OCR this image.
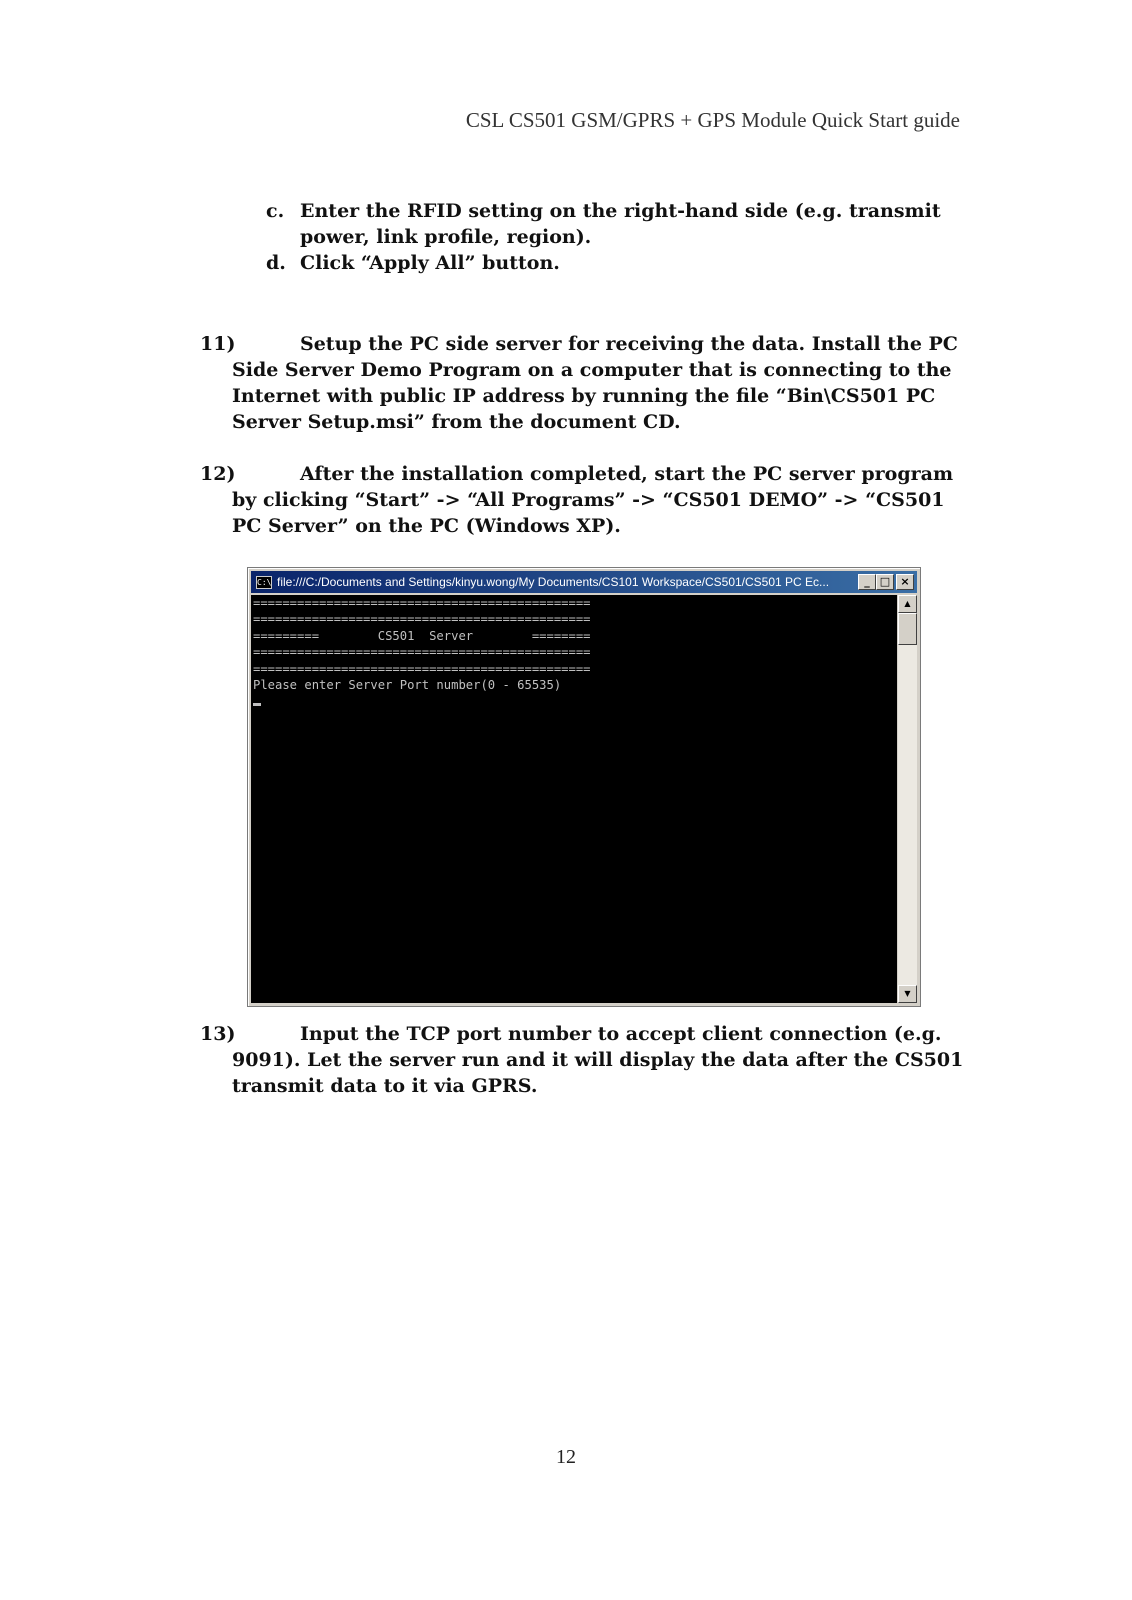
CSL CS501 GSM/GPRS + GPS Module Quick Start guide
c. Enter the RFID setting on the right-hand side (e.g. transmit power, link profile, region).
d. Click “Apply All” button.
11)	Setup the PC side server for receiving the data. Install the PC Side Server Demo Program on a computer that is connecting to the Internet with public IP address by running the file “Bin\CS501 PC Server Setup.msi” from the document CD.
12)	After the installation completed, start the PC server program by clicking “Start” -> “All Programs” -> “CS501 DEMO” -> “CS501 PC Server” on the PC (Windows XP).
C:\ file:///C:/Documents and Settings/kinyu.wong/My Documents/CS101 Workspace/CS501/CS501 PC Ec...	_ □ ×
==============================================
==============================================
=========        CS501  Server        ========
==============================================
==============================================
Please enter Server Port number(0 - 65535)
▲
▼
13)	Input the TCP port number to accept client connection (e.g. 9091). Let the server run and it will display the data after the CS501 transmit data to it via GPRS.
12
